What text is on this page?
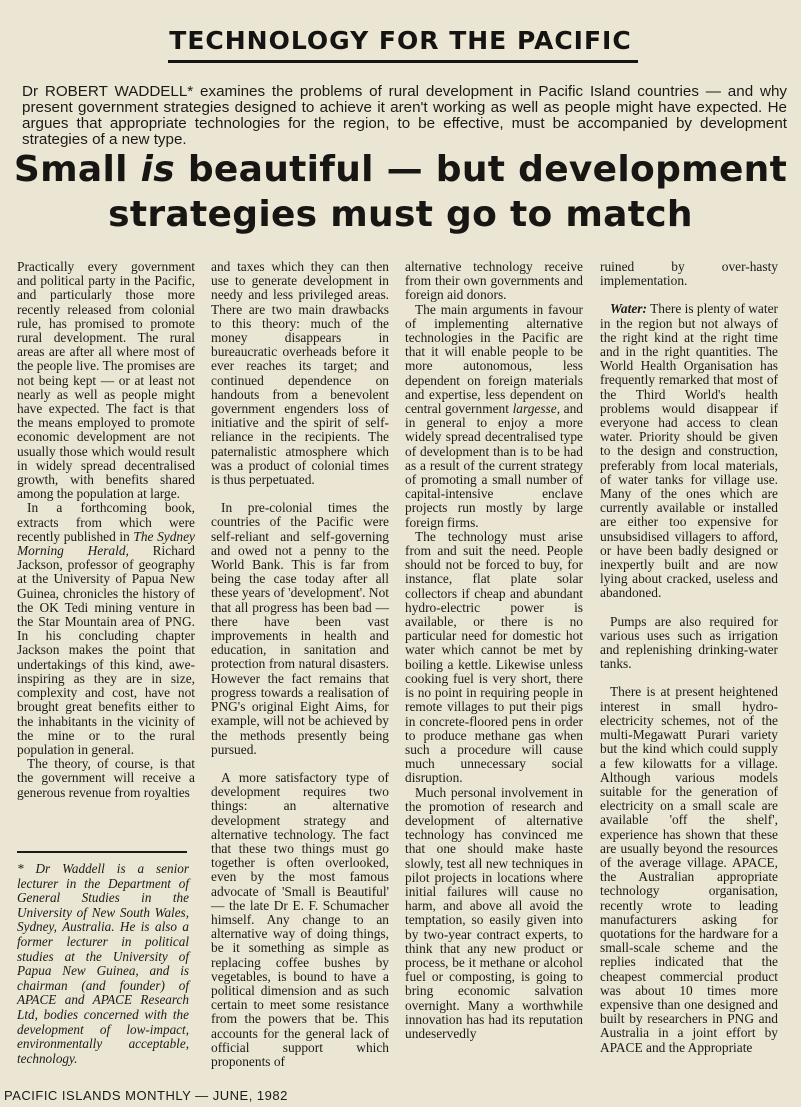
TECHNOLOGY FOR THE PACIFIC
Dr ROBERT WADDELL* examines the problems of rural development in Pacific Island countries — and why present government strategies designed to achieve it aren't working as well as people might have expected. He argues that appropriate technologies for the region, to be effective, must be accompanied by development strategies of a new type.
Small is beautiful — but development
strategies must go to match

Practically every government and political party in the Pacific, and particularly those more recently released from colonial rule, has promised to promote rural development. The rural areas are after all where most of the people live. The promises are not being kept — or at least not nearly as well as people might have expected. The fact is that the means employed to promote economic development are not usually those which would result in widely spread decentralised growth, with benefits shared among the population at large.

In a forthcoming book, extracts from which were recently published in The Sydney Morning Herald, Richard Jackson, professor of geography at the University of Papua New Guinea, chronicles the history of the OK Tedi mining venture in the Star Mountain area of PNG. In his concluding chapter Jackson makes the point that undertakings of this kind, awe-inspiring as they are in size, complexity and cost, have not brought great benefits either to the inhabitants in the vicinity of the mine or to the rural population in general.

The theory, of course, is that the government will receive a generous revenue from royalties

* Dr Waddell is a senior lecturer in the Department of General Studies in the University of New South Wales, Sydney, Australia. He is also a former lecturer in political studies at the University of Papua New Guinea, and is chairman (and founder) of APACE and APACE Research Ltd, bodies concerned with the development of low-impact, environmentally acceptable, technology.

and taxes which they can then use to generate development in needy and less privileged areas. There are two main drawbacks to this theory: much of the money disappears in bureaucratic overheads before it ever reaches its target; and continued dependence on handouts from a benevolent government engenders loss of initiative and the spirit of self-reliance in the recipients. The paternalistic atmosphere which was a product of colonial times is thus perpetuated.

In pre-colonial times the countries of the Pacific were self-reliant and self-governing and owed not a penny to the World Bank. This is far from being the case today after all these years of 'development'. Not that all progress has been bad — there have been vast improvements in health and education, in sanitation and protection from natural disasters. However the fact remains that progress towards a realisation of PNG's original Eight Aims, for example, will not be achieved by the methods presently being pursued.

A more satisfactory type of development requires two things: an alternative development strategy and alternative technology. The fact that these two things must go together is often overlooked, even by the most famous advocate of 'Small is Beautiful' — the late Dr E. F. Schumacher himself. Any change to an alternative way of doing things, be it something as simple as replacing coffee bushes by vegetables, is bound to have a political dimension and as such certain to meet some resistance from the powers that be. This accounts for the general lack of official support which proponents of

alternative technology receive from their own governments and foreign aid donors.

The main arguments in favour of implementing alternative technologies in the Pacific are that it will enable people to be more autonomous, less dependent on foreign materials and expertise, less dependent on central government largesse, and in general to enjoy a more widely spread decentralised type of development than is to be had as a result of the current strategy of promoting a small number of capital-intensive enclave projects run mostly by large foreign firms.

The technology must arise from and suit the need. People should not be forced to buy, for instance, flat plate solar collectors if cheap and abundant hydro-electric power is available, or there is no particular need for domestic hot water which cannot be met by boiling a kettle. Likewise unless cooking fuel is very short, there is no point in requiring people in remote villages to put their pigs in concrete-floored pens in order to produce methane gas when such a procedure will cause much unnecessary social disruption.

Much personal involvement in the promotion of research and development of alternative technology has convinced me that one should make haste slowly, test all new techniques in pilot projects in locations where initial failures will cause no harm, and above all avoid the temptation, so easily given into by two-year contract experts, to think that any new product or process, be it methane or alcohol fuel or composting, is going to bring economic salvation overnight. Many a worthwhile innovation has had its reputation undeservedly

ruined by over-hasty implementation.

Water: There is plenty of water in the region but not always of the right kind at the right time and in the right quantities. The World Health Organisation has frequently remarked that most of the Third World's health problems would disappear if everyone had access to clean water. Priority should be given to the design and construction, preferably from local materials, of water tanks for village use. Many of the ones which are currently available or installed are either too expensive for unsubsidised villagers to afford, or have been badly designed or inexpertly built and are now lying about cracked, useless and abandoned.

Pumps are also required for various uses such as irrigation and replenishing drinking-water tanks.

There is at present heightened interest in small hydro-electricity schemes, not of the multi-Megawatt Purari variety but the kind which could supply a few kilowatts for a village. Although various models suitable for the generation of electricity on a small scale are available 'off the shelf', experience has shown that these are usually beyond the resources of the average village. APACE, the Australian appropriate technology organisation, recently wrote to leading manufacturers asking for quotations for the hardware for a small-scale scheme and the replies indicated that the cheapest commercial product was about 10 times more expensive than one designed and built by researchers in PNG and Australia in a joint effort by APACE and the Appropriate

PACIFIC ISLANDS MONTHLY — JUNE, 1982
